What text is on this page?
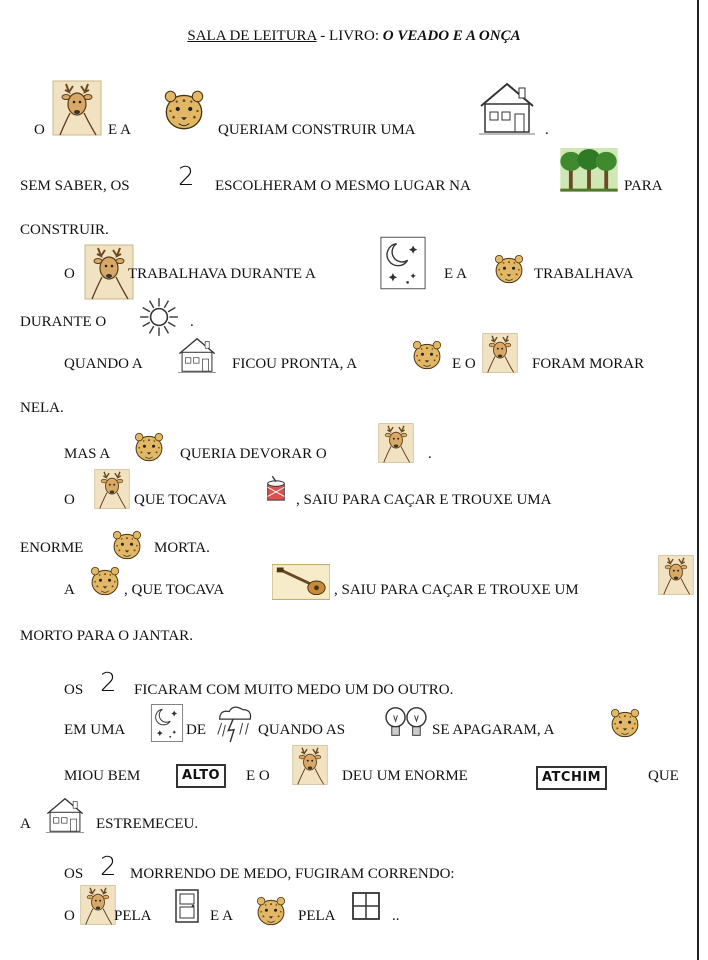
SALA DE LEITURA - LIVRO: O VEADO E A ONÇA
O	E A	QUERIAM CONSTRUIR UMA	.
SEM SABER, OS 2 ESCOLHERAM O MESMO LUGAR NA	PARA
CONSTRUIR.
O	TRABALHAVA DURANTE A	E A	TRABALHAVA
DURANTE O	.
QUANDO A	FICOU PRONTA, A	E O	FORAM MORAR
NELA.
MAS A	QUERIA DEVORAR O	.
O	QUE TOCAVA	, SAIU PARA CAÇAR E TROUXE UMA
ENORME	MORTA.
A	, QUE TOCAVA	, SAIU PARA CAÇAR E TROUXE UM
MORTO PARA O JANTAR.
OS 2 FICARAM COM MUITO MEDO UM DO OUTRO.
EM UMA	DE	QUANDO AS	SE APAGARAM, A
MIOU BEM	ALTO	E O	DEU UM ENORME	ATCHIM	QUE
A	ESTREMECEU.
OS 2 MORRENDO DE MEDO, FUGIRAM CORRENDO:
O	PELA	E A	PELA	..
